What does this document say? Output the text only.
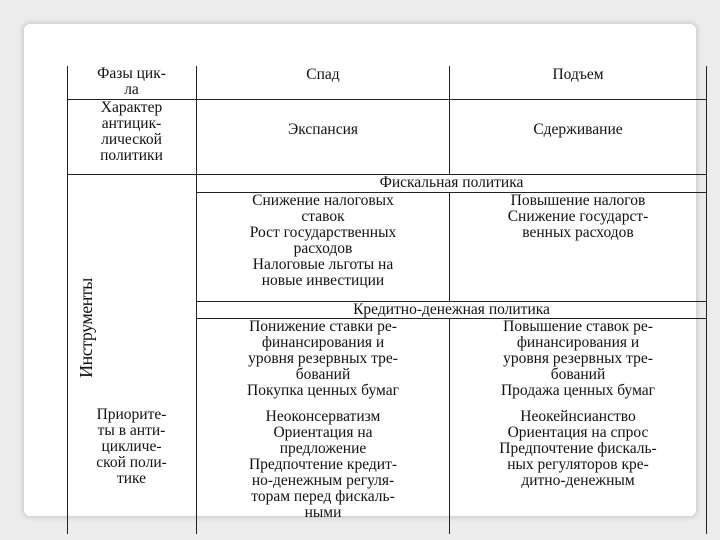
Фазы цик-
ла
Спад	Подъем
Характер
антицик-
лической
политики
Экспансия	Сдерживание
Инструменты
Фискальная политика
Снижение налоговых
ставок
Рост государственных
расходов
Налоговые льготы на
новые инвестиции
Повышение налогов
Снижение государст-
венных расходов
Кредитно-денежная политика
Понижение ставки ре-
финансирования и
уровня резервных тре-
бований
Покупка ценных бумаг
Повышение ставок ре-
финансирования и
уровня резервных тре-
бований
Продажа ценных бумаг
Приорите-
ты в анти-
цикличе-
ской поли-
тике
Неоконсерватизм
Ориентация на
предложение
Предпочтение кредит-
но-денежным регуля-
торам перед фискаль-
ными
Неокейнсианство
Ориентация на спрос
Предпочтение фискаль-
ных регуляторов кре-
дитно-денежным
